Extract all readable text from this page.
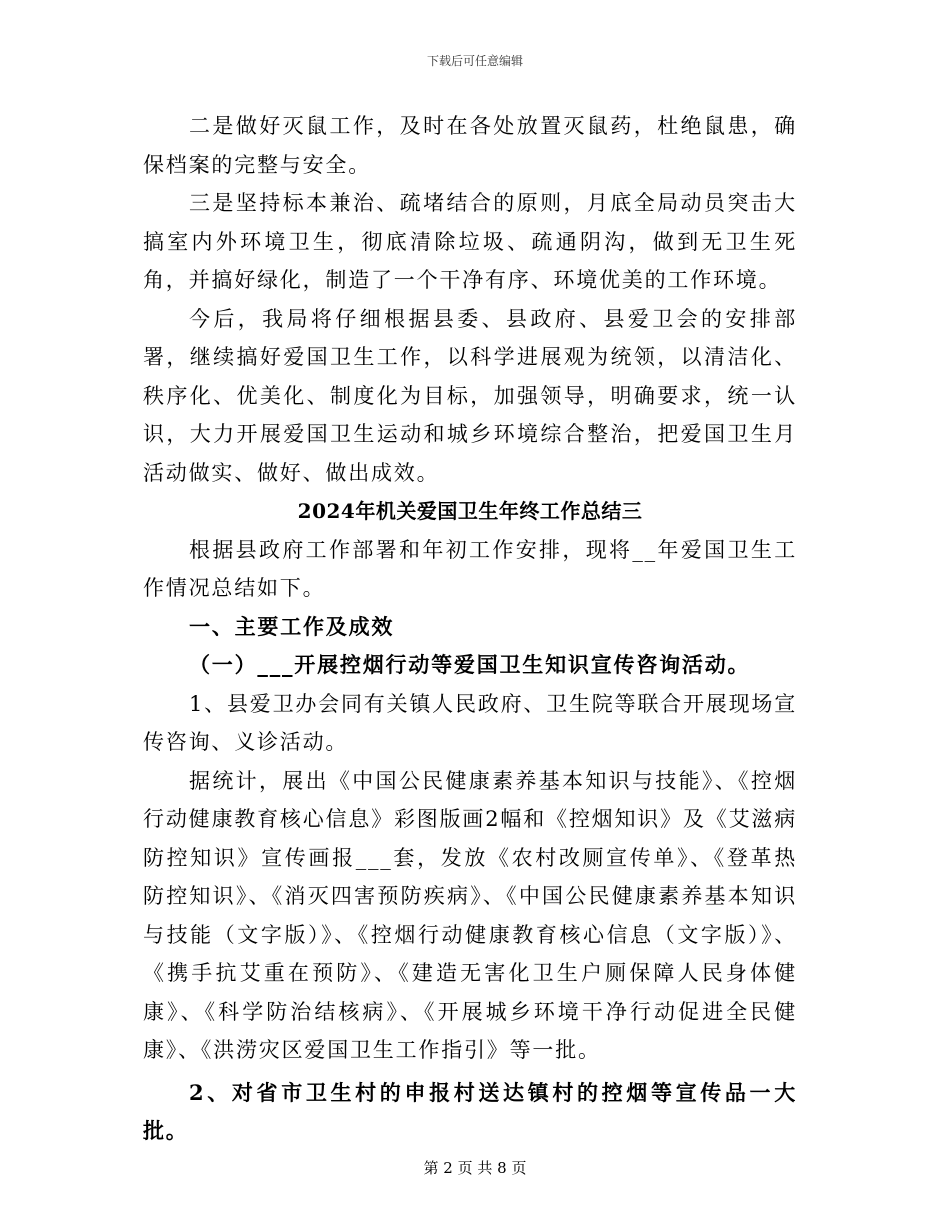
下载后可任意编辑

二是做好灭鼠工作，及时在各处放置灭鼠药，杜绝鼠患，确保档案的完整与安全。

三是坚持标本兼治、疏堵结合的原则，月底全局动员突击大搞室内外环境卫生，彻底清除垃圾、疏通阴沟，做到无卫生死角，并搞好绿化，制造了一个干净有序、环境优美的工作环境。

今后，我局将仔细根据县委、县政府、县爱卫会的安排部署，继续搞好爱国卫生工作，以科学进展观为统领，以清洁化、秩序化、优美化、制度化为目标，加强领导，明确要求，统一认识，大力开展爱国卫生运动和城乡环境综合整治，把爱国卫生月活动做实、做好、做出成效。

2024年机关爱国卫生年终工作总结三

根据县政府工作部署和年初工作安排，现将__年爱国卫生工作情况总结如下。

一、主要工作及成效

（一）___开展控烟行动等爱国卫生知识宣传咨询活动。

1、县爱卫办会同有关镇人民政府、卫生院等联合开展现场宣传咨询、义诊活动。

据统计，展出《中国公民健康素养基本知识与技能》、《控烟行动健康教育核心信息》彩图版画2幅和《控烟知识》及《艾滋病防控知识》宣传画报___套，发放《农村改厕宣传单》、《登革热防控知识》、《消灭四害预防疾病》、《中国公民健康素养基本知识与技能（文字版）》、《控烟行动健康教育核心信息（文字版）》、《携手抗艾重在预防》、《建造无害化卫生户厕保障人民身体健康》、《科学防治结核病》、《开展城乡环境干净行动促进全民健康》、《洪涝灾区爱国卫生工作指引》等一批。

2、对省市卫生村的申报村送达镇村的控烟等宣传品一大批。

第 2 页 共 8 页
